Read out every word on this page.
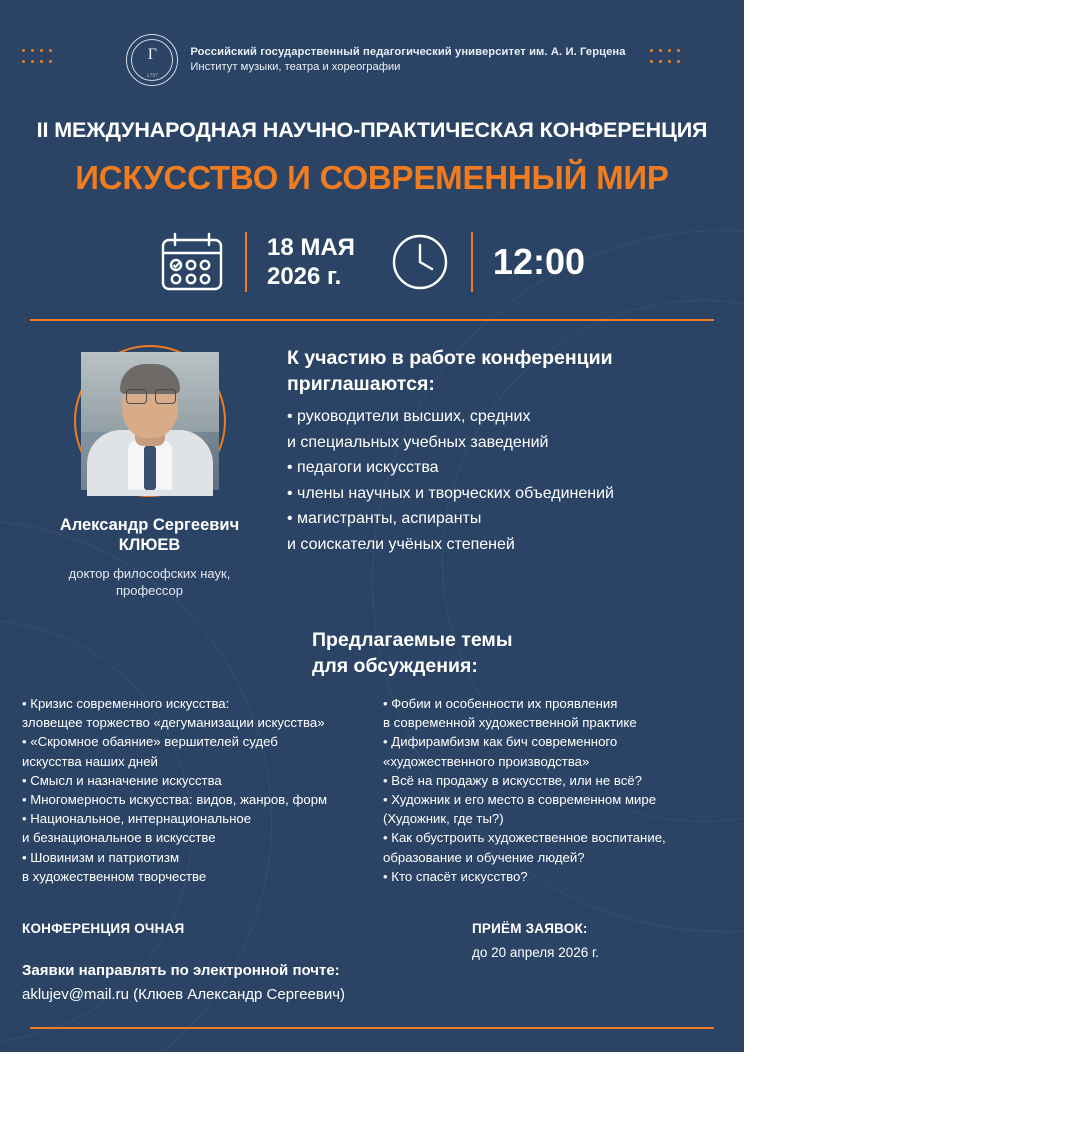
Г
1797
Российский государственный педагогический университет им. А. И. Герцена
Институт музыки, театра и хореографии
II МЕЖДУНАРОДНАЯ НАУЧНО-ПРАКТИЧЕСКАЯ КОНФЕРЕНЦИЯ
ИСКУССТВО И СОВРЕМЕННЫЙ МИР
18 МАЯ
2026 г.	12:00
Александр Сергеевич
КЛЮЕВ
доктор философских наук,
профессор
К участию в работе конференции
приглашаются:
• руководители высших, средних
и специальных учебных заведений
• педагоги искусства
• члены научных и творческих объединений
• магистранты, аспиранты
и соискатели учёных степеней
Предлагаемые темы
для обсуждения:
• Кризис современного искусства:
зловещее торжество «дегуманизации искусства»
• «Скромное обаяние» вершителей судеб
искусства наших дней
• Смысл и назначение искусства
• Многомерность искусства: видов, жанров, форм
• Национальное, интернациональное
и безнациональное в искусстве
• Шовинизм и патриотизм
в художественном творчестве
• Фобии и особенности их проявления
в современной художественной практике
• Дифирамбизм как бич современного
«художественного производства»
• Всё на продажу в искусстве, или не всё?
• Художник и его место в современном мире
(Художник, где ты?)
• Как обустроить художественное воспитание,
образование и обучение людей?
• Кто спасёт искусство?
КОНФЕРЕНЦИЯ ОЧНАЯ
Заявки направлять по электронной почте:
aklujev@mail.ru (Клюев Александр Сергеевич)
ПРИЁМ ЗАЯВОК:
до 20 апреля 2026 г.
ИНСТИТУТ МУЗЫКИ, ТЕАТРА И ХОРЕОГРАФИИ
РГПУ ИМ. А. И. ГЕРЦЕНА
Санкт-Петербург, пер. Каховского, д. 2
